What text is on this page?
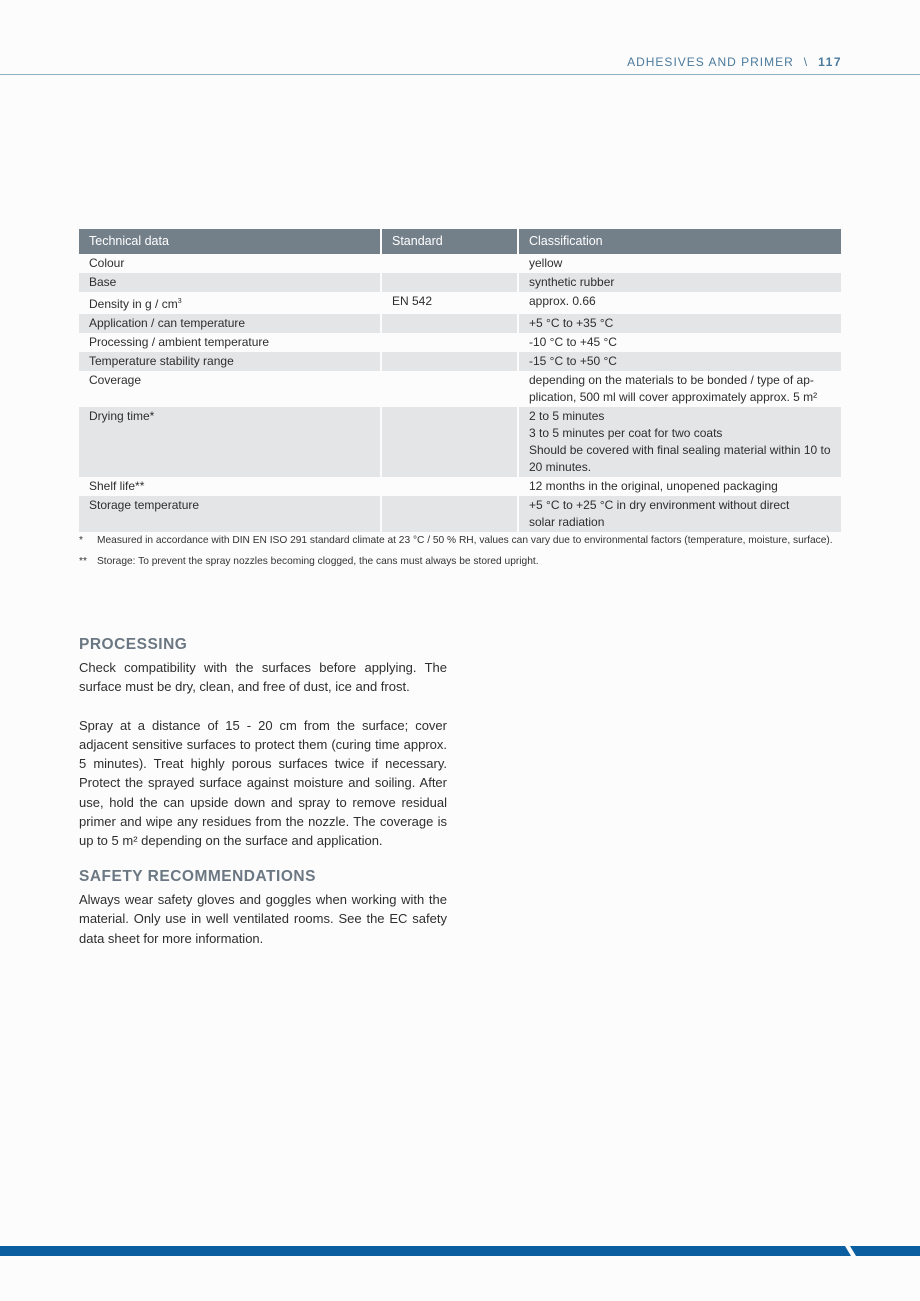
ADHESIVES AND PRIMER \ 117
Technical data	Standard	Classification
Colour		yellow

Base		synthetic rubber

Density in g / $cm^3$	EN 542	approx. 0.66

Application / can temperature		+5 °C to +35 °C

Processing / ambient temperature		-10 °C to +45 °C

Temperature stability range		-15 °C to +50 °C

Coverage		depending on the materials to be bonded / type of ap-
plication, 500 ml will cover approximately approx. 5 m²

Drying time*		2 to 5 minutes
3 to 5 minutes per coat for two coats
Should be covered with final sealing material within 10 to
20 minutes.

Shelf life**		12 months in the original, unopened packaging

Storage temperature		+5 °C to +25 °C in dry environment without direct
solar radiation
*	Measured in accordance with DIN EN ISO 291 standard climate at 23 °C / 50 % RH, values can vary due to environmental factors (temperature, moisture, surface).
** Storage: To prevent the spray nozzles becoming clogged, the cans must always be stored upright.
PROCESSING

Check compatibility with the surfaces before applying. The surface must be dry, clean, and free of dust, ice and frost.

Spray at a distance of 15 - 20 cm from the surface; cover adjacent sensitive surfaces to protect them (curing time approx. 5 minutes). Treat highly porous surfaces twice if necessary. Protect the sprayed surface against moisture and soiling. After use, hold the can upside down and spray to remove residual primer and wipe any residues from the nozzle. The coverage is up to 5 m² depending on the surface and application.

SAFETY RECOMMENDATIONS

Always wear safety gloves and goggles when working with the material. Only use in well ventilated rooms. See the EC safety data sheet for more information.
